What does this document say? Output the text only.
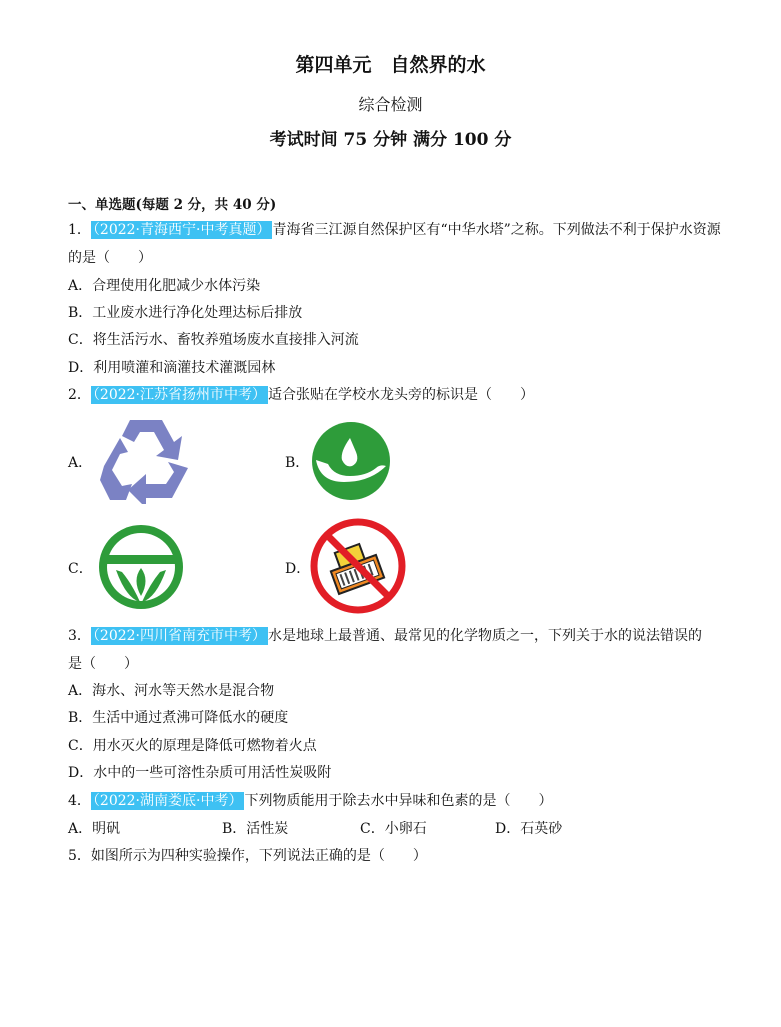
第四单元　自然界的水
综合检测
考试时间 75 分钟 满分 100 分
一、单选题(每题 2 分，共 40 分)
1． （2022·青海西宁·中考真题） 青海省三江源自然保护区有“中华水塔”之称。下列做法不利于保护水资源
的是（　　）
A．合理使用化肥减少水体污染
B．工业废水进行净化处理达标后排放
C．将生活污水、畜牧养殖场废水直接排入河流
D．利用喷灌和滴灌技术灌溉园林
2． （2022·江苏省扬州市中考） 适合张贴在学校水龙头旁的标识是（　　）
A．	B．
C．	D．
3． （2022·四川省南充市中考） 水是地球上最普通、最常见的化学物质之一，下列关于水的说法错误的
是（　　）
A．海水、河水等天然水是混合物
B．生活中通过煮沸可降低水的硬度
C．用水灭火的原理是降低可燃物着火点
D．水中的一些可溶性杂质可用活性炭吸附
4． （2022·湖南娄底·中考） 下列物质能用于除去水中异味和色素的是（　　）
A．明矾	B．活性炭	C．小卵石	D．石英砂
5．如图所示为四种实验操作，下列说法正确的是（　　）
